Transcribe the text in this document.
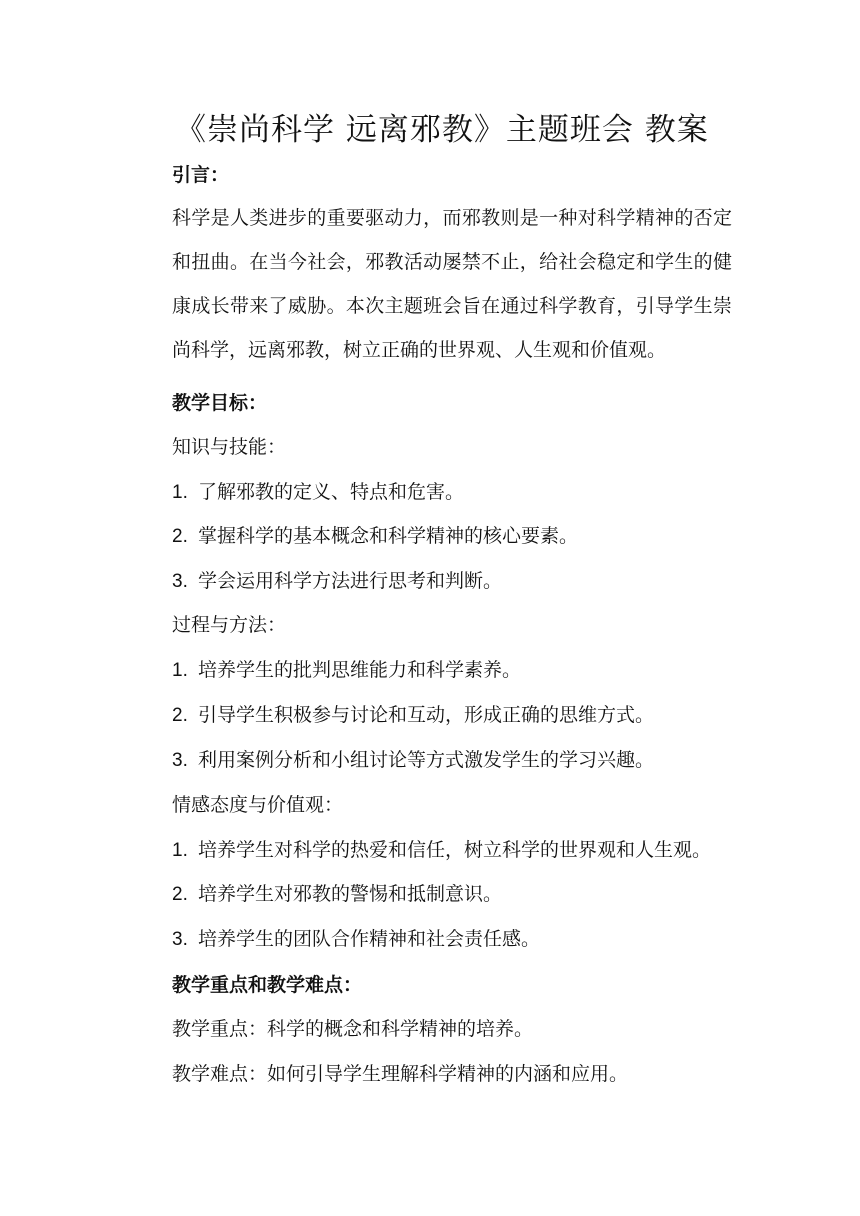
《崇尚科学 远离邪教》主题班会 教案
引言：
科学是人类进步的重要驱动力，而邪教则是一种对科学精神的否定和扭曲。在当今社会，邪教活动屡禁不止，给社会稳定和学生的健康成长带来了威胁。本次主题班会旨在通过科学教育，引导学生崇尚科学，远离邪教，树立正确的世界观、人生观和价值观。
教学目标：
知识与技能：
1. 了解邪教的定义、特点和危害。
2. 掌握科学的基本概念和科学精神的核心要素。
3. 学会运用科学方法进行思考和判断。
过程与方法：
1. 培养学生的批判思维能力和科学素养。
2. 引导学生积极参与讨论和互动，形成正确的思维方式。
3. 利用案例分析和小组讨论等方式激发学生的学习兴趣。
情感态度与价值观：
1. 培养学生对科学的热爱和信任，树立科学的世界观和人生观。
2. 培养学生对邪教的警惕和抵制意识。
3. 培养学生的团队合作精神和社会责任感。
教学重点和教学难点：
教学重点：科学的概念和科学精神的培养。
教学难点：如何引导学生理解科学精神的内涵和应用。
